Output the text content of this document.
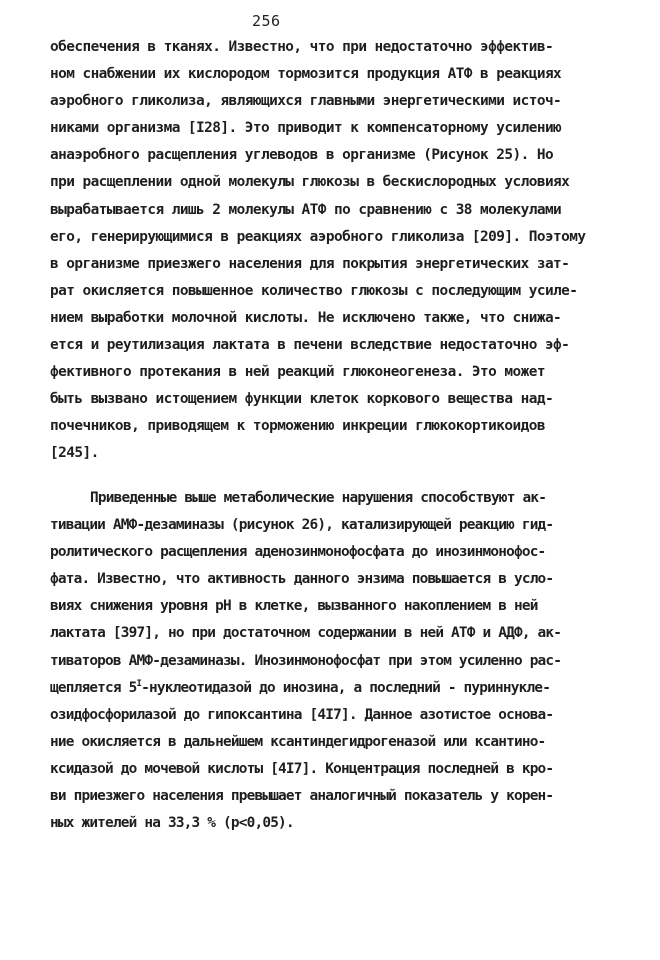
256
обеспечения в тканях. Известно, что при недостаточно эффектив-
ном снабжении их кислородом тормозится продукция АТФ в реакциях
аэробного гликолиза, являющихся главными энергетическими источ-
никами организма [I28]. Это приводит к компенсаторному усилению
анаэробного расщепления углеводов в организме (Рисунок 25). Но
при расщеплении одной молекулы глюкозы в бескислородных условиях
вырабатывается лишь 2 молекулы АТФ по сравнению с 38 молекулами
его, генерирующимися в реакциях аэробного гликолиза [209]. Поэтому
в организме приезжего населения для покрытия энергетических зат-
рат окисляется повышенное количество глюкозы с последующим усиле-
нием выработки молочной кислоты. Не исключено также, что снижа-
ется и реутилизация лактата в печени вследствие недостаточно эф-
фективного протекания в ней реакций глюконеогенеза. Это может
быть вызвано истощением функции клеток коркового вещества над-
почечников, приводящем к торможению инкреции глюкокортикоидов
[245].
Приведенные выше метаболические нарушения способствуют ак-
тивации АМФ-дезаминазы (рисунок 26), катализирующей реакцию гид-
ролитического расщепления аденозинмонофосфата до инозинмонофос-
фата. Известно, что активность данного энзима повышается в усло-
виях снижения уровня pH в клетке, вызванного накоплением в ней
лактата [397], но при достаточном содержании в ней АТФ и АДФ, ак-
тиваторов АМФ-дезаминазы. Инозинмонофосфат при этом усиленно рас-
щепляется $5^I$-нуклеотидазой до инозина, а последний - пуриннукле-
озидфосфорилазой до гипоксантина [4I7]. Данное азотистое основа-
ние окисляется в дальнейшем ксантиндегидрогеназой или ксантино-
ксидазой до мочевой кислоты [4I7]. Концентрация последней в кро-
ви приезжего населения превышает аналогичный показатель у корен-
ных жителей на 33,3 % (p<0,05).
